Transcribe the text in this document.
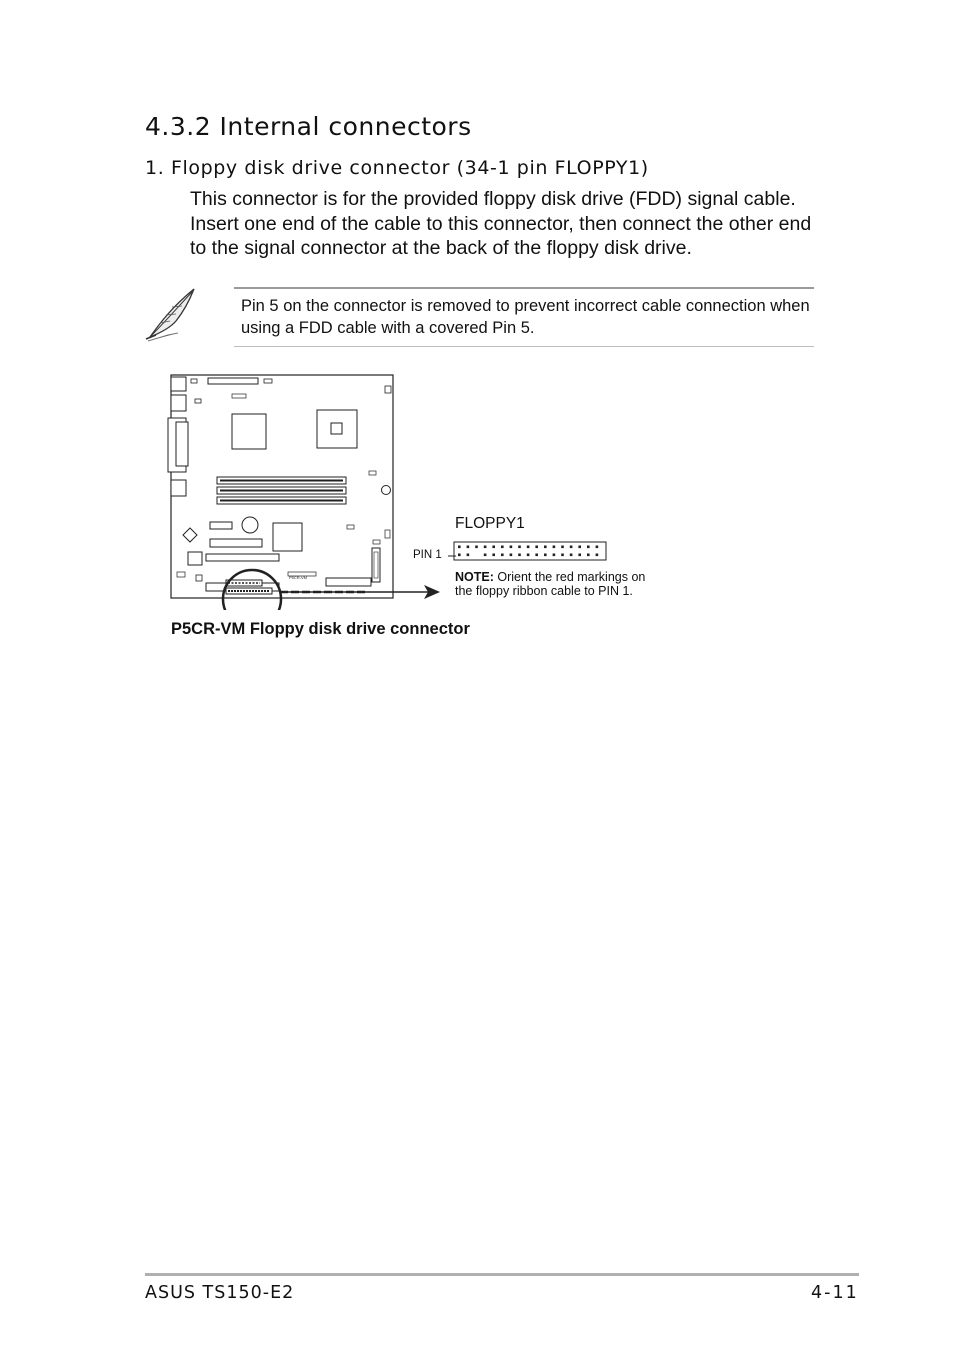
4.3.2 Internal connectors
1. Floppy disk drive connector (34-1 pin FLOPPY1)
This connector is for the provided floppy disk drive (FDD) signal cable. Insert one end of the cable to this connector, then connect the other end to the signal connector at the back of the floppy disk drive.
Pin 5 on the connector is removed to prevent incorrect cable connection when using a FDD cable with a covered Pin 5.
P5CR-VM
FLOPPY1
PIN 1
NOTE: Orient the red markings on
the floppy ribbon cable to PIN 1.
P5CR-VM Floppy disk drive connector
ASUS TS150-E2	4-11
